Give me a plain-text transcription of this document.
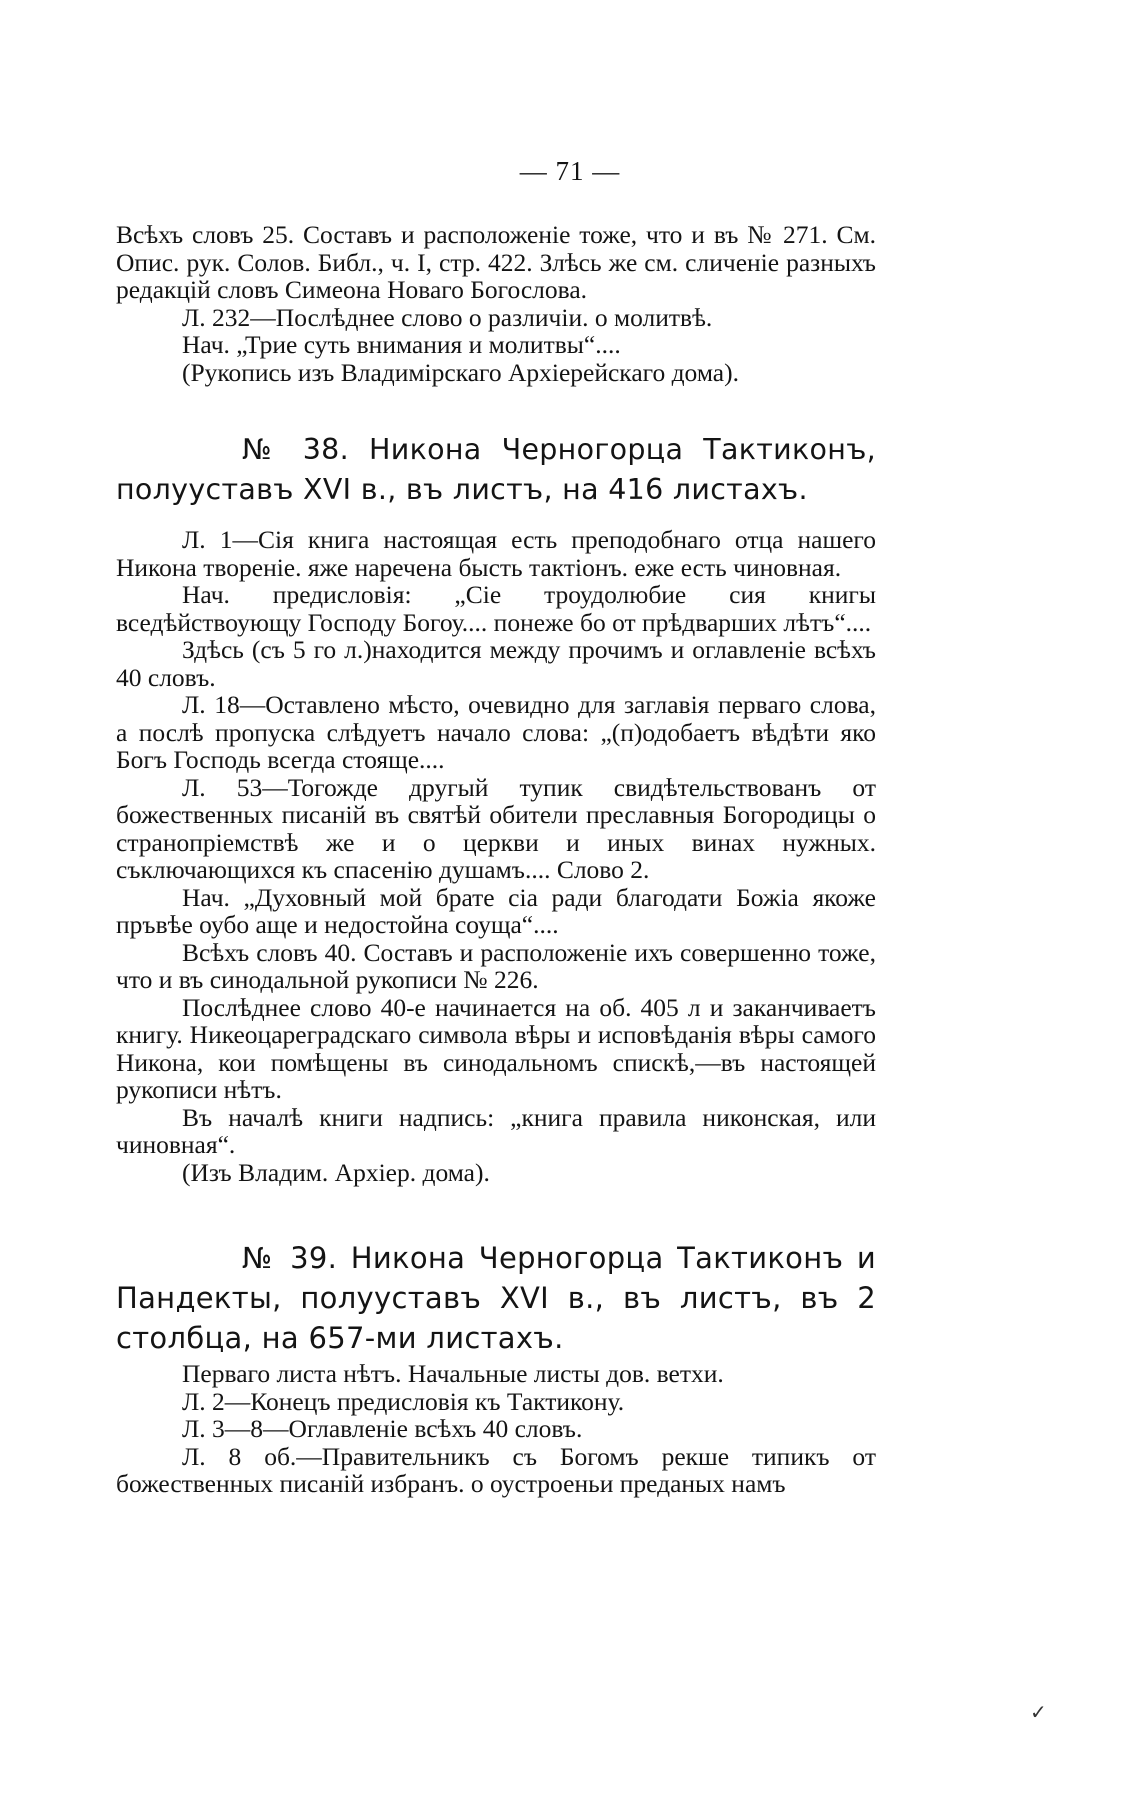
— 71 —

Всѣхъ словъ 25. Составъ и расположеніе тоже, что и въ № 271. См. Опис. рук. Солов. Библ., ч. I, стр. 422. Злѣсь же см. сличеніе разныхъ редакцій словъ Симеона Новаго Богослова.

Л. 232—Послѣднее слово о различіи. о молитвѣ.

Нач. „Трие суть внимания и молитвы“....

(Рукопись изъ Владимірскаго Архіерейскаго дома).

№ 38. Никона Черногорца Тактиконъ, полууставъ XVI в., въ листъ, на 416 листахъ.

Л. 1—Сія книга настоящая есть преподобнаго отца нашего Никона твореніе. яже наречена бысть тактіонъ. еже есть чиновная.

Нач. предисловія: „Сіе троудолюбие сия книгы вседѣйствоующу Господу Богоу.... понеже бо от прѣдварших лѣтъ“....

Здѣсь (съ 5 го л.)находится между прочимъ и оглавленіе всѣхъ 40 словъ.

Л. 18—Оставлено мѣсто, очевидно для заглавія перваго слова, а послѣ пропуска слѣдуетъ начало слова: „(п)одобаетъ вѣдѣти яко Богъ Господь всегда стояще....

Л. 53—Тогожде другый тупик свидѣтельствованъ от божественных писаній въ святѣй обители преславныя Богородицы о странопріемствѣ же и о церкви и иных винах нужных. съключающихся къ спасенію душамъ.... Слово 2.

Нач. „Духовный мой брате сіа ради благодати Божіа якоже пръвѣе оубо аще и недостойна соуща“....

Всѣхъ словъ 40. Составъ и расположеніе ихъ совершенно тоже, что и въ синодальной рукописи № 226.

Послѣднее слово 40-е начинается на об. 405 л и заканчиваетъ книгу. Никеоцареградскаго символа вѣры и исповѣданія вѣры самого Никона, кои помѣщены въ синодальномъ спискѣ,—въ настоящей рукописи нѣтъ.

Въ началѣ книги надпись: „книга правила никонская, или чиновная“.

(Изъ Владим. Архіер. дома).

№ 39. Никона Черногорца Тактиконъ и Пандекты, полууставъ XVI в., въ листъ, въ 2 столбца, на 657-ми листахъ.

Перваго листа нѣтъ. Начальные листы дов. ветхи.

Л. 2—Конецъ предисловія къ Тактикону.

Л. 3—8—Оглавленіе всѣхъ 40 словъ.

Л. 8 об.—Правительникъ съ Богомъ рекше типикъ от божественных писаній избранъ. о оустроеньи преданых намъ

✓
